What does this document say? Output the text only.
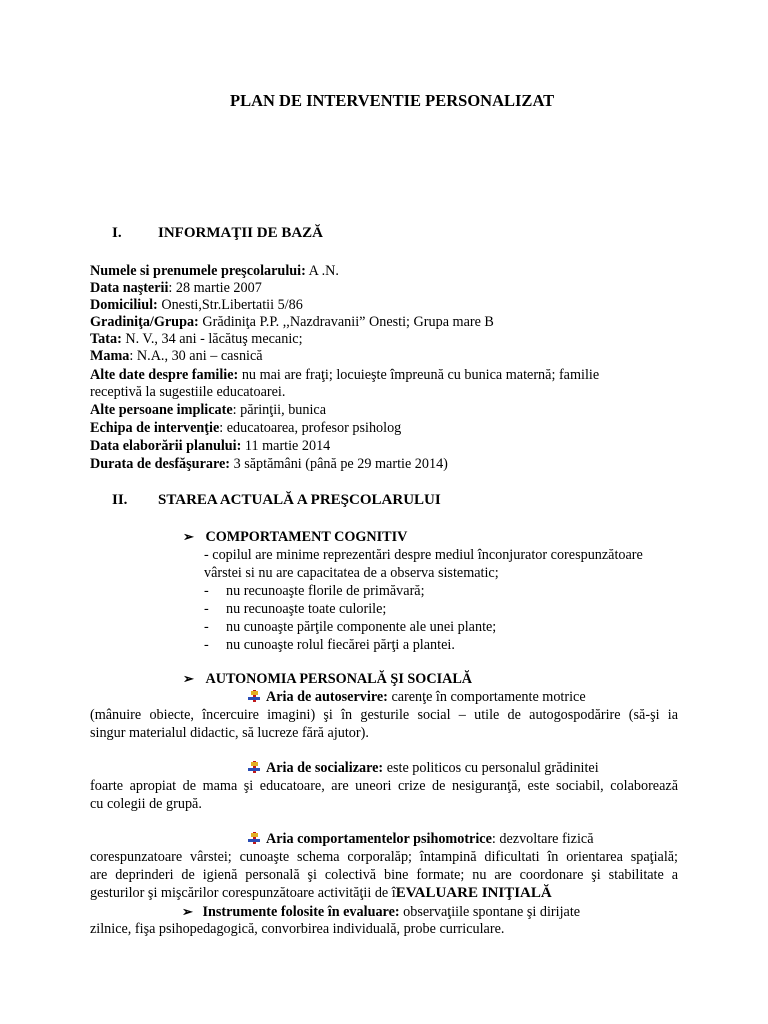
PLAN DE INTERVENTIE PERSONALIZAT
I. INFORMAŢII DE BAZĂ
Numele si prenumele preşcolarului: A .N.
Data naşterii: 28 martie 2007
Domiciliul: Onesti,Str.Libertatii 5/86
Gradiniţa/Grupa: Grădiniţa P.P. ,,Nazdravanii” Onesti; Grupa mare B
Tata: N. V., 34 ani - lăcătuş mecanic;
Mama: N.A., 30 ani – casnică
Alte date despre familie: nu mai are fraţi; locuieşte împreună cu bunica maternă; familie
receptivă la sugestiile educatoarei.
Alte persoane implicate: părinţii, bunica
Echipa de intervenţie: educatoarea, profesor psiholog
Data elaborării planului: 11 martie 2014
Durata de desfăşurare: 3 săptămâni (până pe 29 martie 2014)
II. STAREA ACTUALĂ A PREŞCOLARULUI
➢ COMPORTAMENT COGNITIV
- copilul are minime reprezentări despre mediul înconjurator corespunzătoare
vârstei si nu are capacitatea de a observa sistematic;
- nu recunoaşte florile de primăvară;
- nu recunoaşte toate culorile;
- nu cunoaşte părţile componente ale unei plante;
- nu cunoaşte rolul fiecărei părţi a plantei.
➢ AUTONOMIA PERSONALĂ ŞI SOCIALĂ
Aria de autoservire: carenţe în comportamente motrice
(mânuire obiecte, încercuire imagini) şi în gesturile social – utile de autogospodărire (să-şi ia
singur materialul didactic, să lucreze fără ajutor).
Aria de socializare: este politicos cu personalul grădinitei
foarte apropiat de mama şi educatoare, are uneori crize de nesiguranţă, este sociabil, colaborează
cu colegii de grupă.
Aria comportamentelor psihomotrice: dezvoltare fizică
corespunzatoare vârstei; cunoaşte schema corporalăp; întampină dificultati în orientarea spaţială;
are deprinderi de igienă personală şi colectivă bine formate; nu are coordonare şi stabilitate a
gesturilor şi mişcărilor corespunzătoare activităţii de îEVALUARE INIŢIALĂ
➢ Instrumente folosite în evaluare: observaţiile spontane şi dirijate
zilnice, fişa psihopedagogică, convorbirea individuală, probe curriculare.
